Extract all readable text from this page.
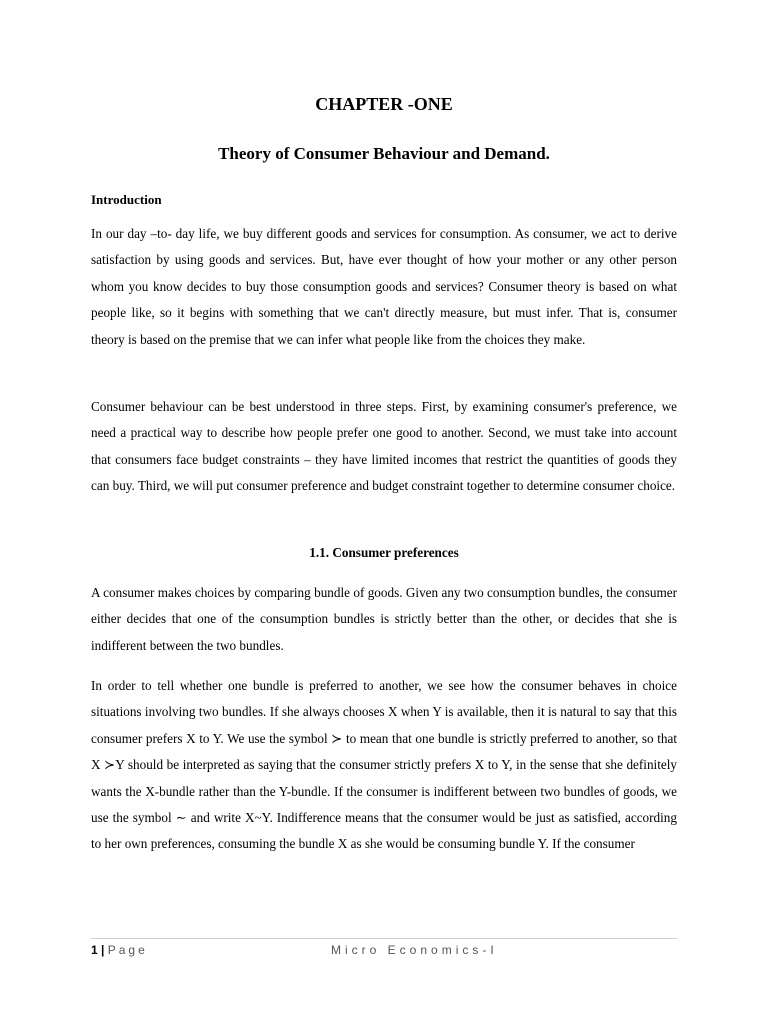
CHAPTER -ONE
Theory of Consumer Behaviour and Demand.
Introduction

In our day –to- day life, we buy different goods and services for consumption. As consumer, we act to derive satisfaction by using goods and services. But, have ever thought of how your mother or any other person whom you know decides to buy those consumption goods and services? Consumer theory is based on what people like, so it begins with something that we can't directly measure, but must infer. That is, consumer theory is based on the premise that we can infer what people like from the choices they make.

Consumer behaviour can be best understood in three steps. First, by examining consumer's preference, we need a practical way to describe how people prefer one good to another. Second, we must take into account that consumers face budget constraints – they have limited incomes that restrict the quantities of goods they can buy. Third, we will put consumer preference and budget constraint together to determine consumer choice.

1.1. Consumer preferences

A consumer makes choices by comparing bundle of goods. Given any two consumption bundles, the consumer either decides that one of the consumption bundles is strictly better than the other, or decides that she is indifferent between the two bundles.

In order to tell whether one bundle is preferred to another, we see how the consumer behaves in choice situations involving two bundles. If she always chooses X when Y is available, then it is natural to say that this consumer prefers X to Y. We use the symbol ≻ to mean that one bundle is strictly preferred to another, so that X ≻Y should be interpreted as saying that the consumer strictly prefers X to Y, in the sense that she definitely wants the X-bundle rather than the Y-bundle. If the consumer is indifferent between two bundles of goods, we use the symbol ∼ and write X~Y. Indifference means that the consumer would be just as satisfied, according to her own preferences, consuming the bundle X as she would be consuming bundle Y. If the consumer

1 | Page	Micro Economics-I
